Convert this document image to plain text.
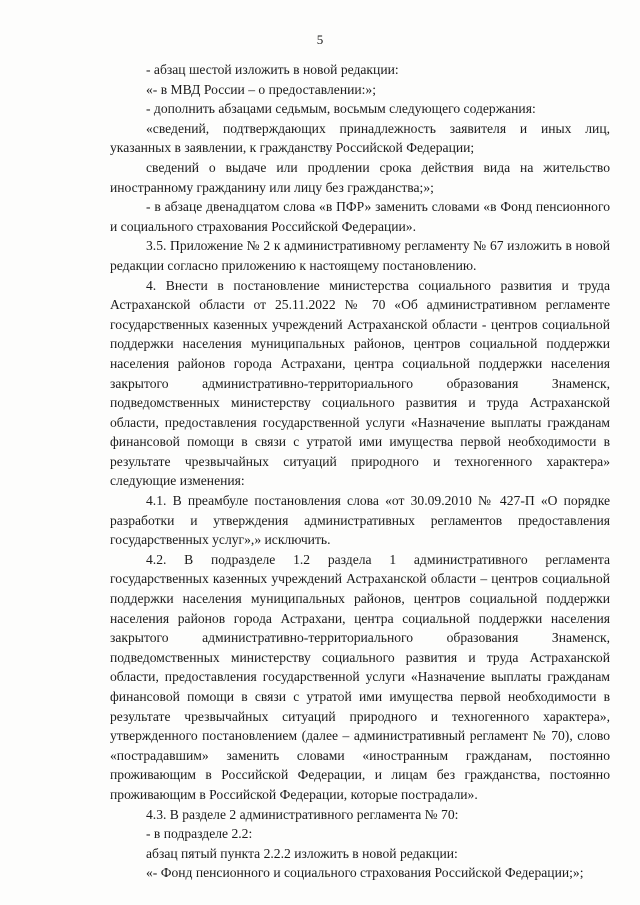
5

- абзац шестой изложить в новой редакции:

«- в МВД России – о предоставлении:»;

- дополнить абзацами седьмым, восьмым следующего содержания:

«сведений, подтверждающих принадлежность заявителя и иных лиц, указанных в заявлении, к гражданству Российской Федерации;

сведений о выдаче или продлении срока действия вида на жительство иностранному гражданину или лицу без гражданства;»;

- в абзаце двенадцатом слова «в ПФР» заменить словами «в Фонд пенсионного и социального страхования Российской Федерации».

3.5. Приложение № 2 к административному регламенту № 67 изложить в новой редакции согласно приложению к настоящему постановлению.

4. Внести в постановление министерства социального развития и труда Астраханской области от 25.11.2022 № 70 «Об административном регламенте государственных казенных учреждений Астраханской области - центров социальной поддержки населения муниципальных районов, центров социальной поддержки населения районов города Астрахани, центра социальной поддержки населения закрытого административно-территориального образования Знаменск, подведомственных министерству социального развития и труда Астраханской области, предоставления государственной услуги «Назначение выплаты гражданам финансовой помощи в связи с утратой ими имущества первой необходимости в результате чрезвычайных ситуаций природного и техногенного характера» следующие изменения:

4.1. В преамбуле постановления слова «от 30.09.2010 № 427-П «О порядке разработки и утверждения административных регламентов предоставления государственных услуг»,» исключить.

4.2. В подразделе 1.2 раздела 1 административного регламента государственных казенных учреждений Астраханской области – центров социальной поддержки населения муниципальных районов, центров социальной поддержки населения районов города Астрахани, центра социальной поддержки населения закрытого административно-территориального образования Знаменск, подведомственных министерству социального развития и труда Астраханской области, предоставления государственной услуги «Назначение выплаты гражданам финансовой помощи в связи с утратой ими имущества первой необходимости в результате чрезвычайных ситуаций природного и техногенного характера», утвержденного постановлением (далее – административный регламент № 70), слово «пострадавшим» заменить словами «иностранным гражданам, постоянно проживающим в Российской Федерации, и лицам без гражданства, постоянно проживающим в Российской Федерации, которые пострадали».

4.3. В разделе 2 административного регламента № 70:

- в подразделе 2.2:

абзац пятый пункта 2.2.2 изложить в новой редакции:

«- Фонд пенсионного и социального страхования Российской Федерации;»;
